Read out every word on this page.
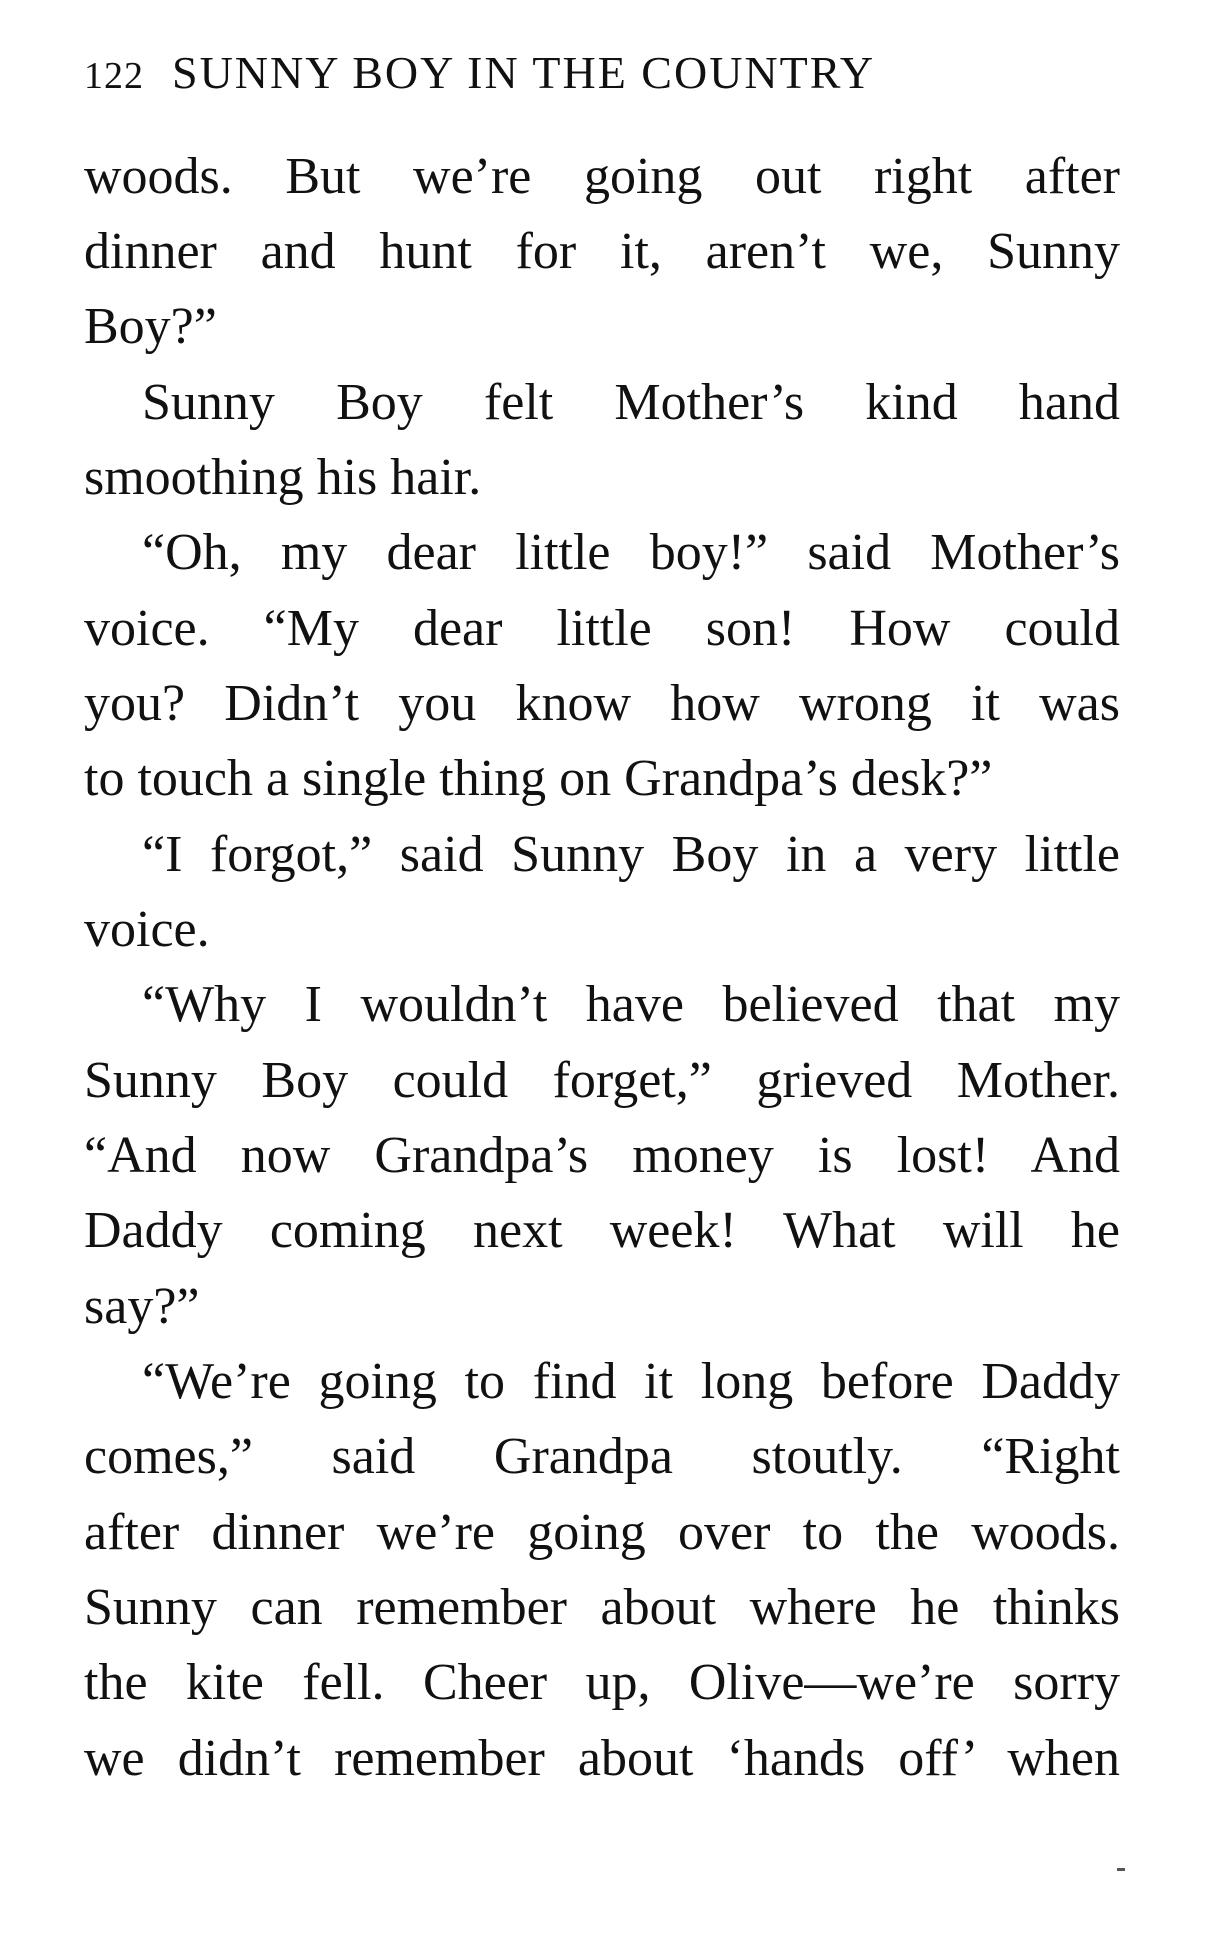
122 SUNNY BOY IN THE COUNTRY
woods. But we’re going out right after
dinner and hunt for it, aren’t we, Sunny
Boy?”
Sunny Boy felt Mother’s kind hand
smoothing his hair.
“Oh, my dear little boy!” said Mother’s
voice. “My dear little son! How could
you? Didn’t you know how wrong it was
to touch a single thing on Grandpa’s desk?”
“I forgot,” said Sunny Boy in a very little
voice.
“Why I wouldn’t have believed that my
Sunny Boy could forget,” grieved Mother.
“And now Grandpa’s money is lost! And
Daddy coming next week! What will he
say?”
“We’re going to find it long before Daddy
comes,” said Grandpa stoutly. “Right
after dinner we’re going over to the woods.
Sunny can remember about where he thinks
the kite fell. Cheer up, Olive—we’re sorry
we didn’t remember about ‘hands off’ when
